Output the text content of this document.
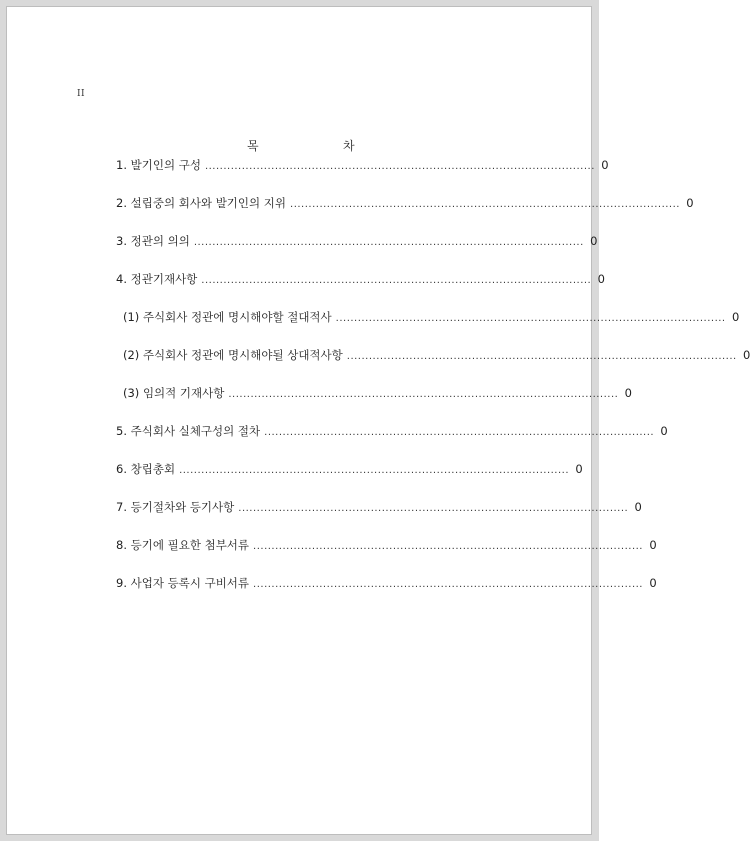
II
목	차
1. 발기인의 구성 .......................................................................................................... 0
2. 설립중의 회사와 발기인의 지위 .......................................................................................................... 0
3. 정관의 의의 .......................................................................................................... 0
4. 정관기재사항 .......................................................................................................... 0
(1) 주식회사 정관에 명시해야할 절대적사 .......................................................................................................... 0
(2) 주식회사 정관에 명시해야될 상대적사항 .......................................................................................................... 0
(3) 임의적 기재사항 .......................................................................................................... 0
5. 주식회사 실체구성의 절차 .......................................................................................................... 0
6. 창립총회 .......................................................................................................... 0
7. 등기절차와 등기사항 .......................................................................................................... 0
8. 등기에 필요한 첨부서류 .......................................................................................................... 0
9. 사업자 등록시 구비서류 .......................................................................................................... 0
